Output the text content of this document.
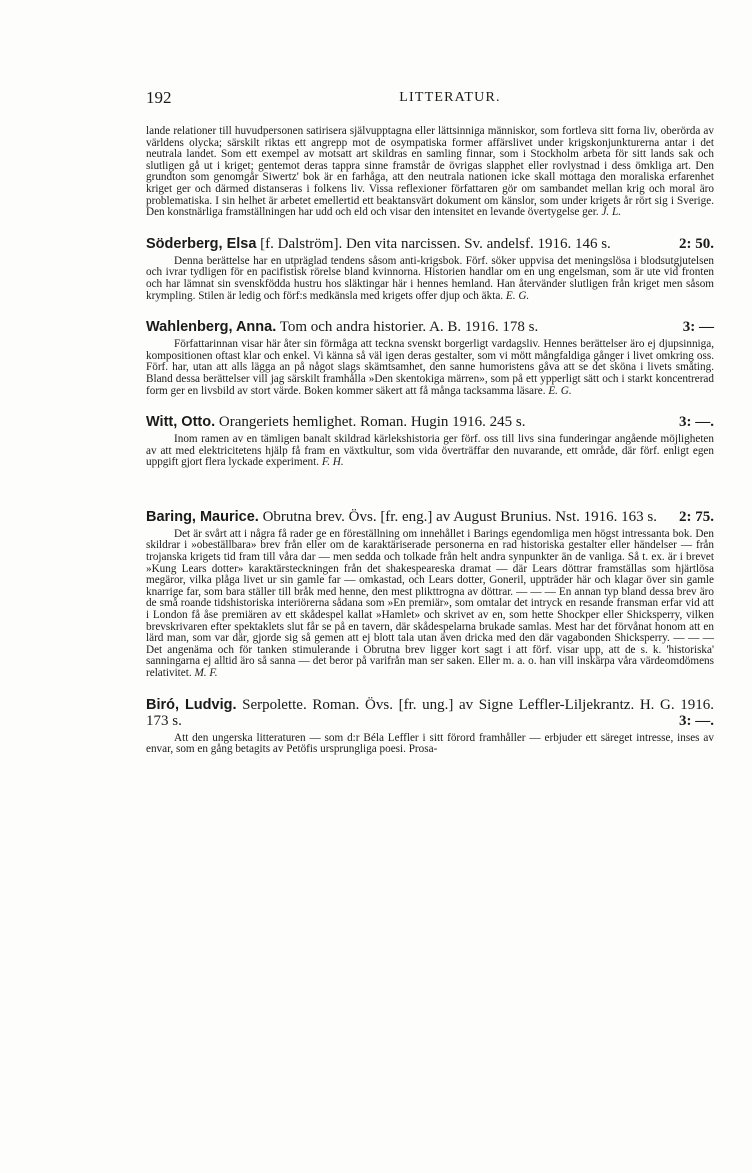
192	LITTERATUR.

lande relationer till huvudpersonen satirisera självupptagna eller lättsinniga människor, som fortleva sitt forna liv, oberörda av världens olycka; särskilt riktas ett angrepp mot de osympatiska former affärslivet under krigskonjunkturerna antar i det neutrala landet. Som ett exempel av motsatt art skildras en samling finnar, som i Stockholm arbeta för sitt lands sak och slutligen gå ut i kriget; gentemot deras tappra sinne framstår de övrigas slapphet eller rovlystnad i dess ömkliga art. Den grundton som genomgår Siwertz' bok är en farhåga, att den neutrala nationen icke skall mottaga den moraliska erfarenhet kriget ger och därmed distanseras i folkens liv. Vissa reflexioner författaren gör om sambandet mellan krig och moral äro problematiska. I sin helhet är arbetet emellertid ett beaktansvärt dokument om känslor, som under krigets år rört sig i Sverige. Den konstnärliga framställningen har udd och eld och visar den intensitet en levande övertygelse ger. J. L.

Söderberg, Elsa [f. Dalström]. Den vita narcissen. Sv. andelsf. 1916. 146 s.	2: 50.

Denna berättelse har en utpräglad tendens såsom anti-krigsbok. Förf. söker uppvisa det meningslösa i blodsutgjutelsen och ivrar tydligen för en pacifistisk rörelse bland kvinnorna. Historien handlar om en ung engelsman, som är ute vid fronten och har lämnat sin svenskfödda hustru hos släktingar här i hennes hemland. Han återvänder slutligen från kriget men såsom krympling. Stilen är ledig och förf:s medkänsla med krigets offer djup och äkta. E. G.

Wahlenberg, Anna. Tom och andra historier. A. B. 1916. 178 s.	3: —

Författarinnan visar här åter sin förmåga att teckna svenskt borgerligt vardagsliv. Hennes berättelser äro ej djupsinniga, kompositionen oftast klar och enkel. Vi känna så väl igen deras gestalter, som vi mött mångfaldiga gånger i livet omkring oss. Förf. har, utan att alls lägga an på något slags skämtsamhet, den sanne humoristens gåva att se det sköna i livets småting. Bland dessa berättelser vill jag särskilt framhålla »Den skentokiga märren», som på ett ypperligt sätt och i starkt koncentrerad form ger en livsbild av stort värde. Boken kommer säkert att få många tacksamma läsare. E. G.

Witt, Otto. Orangeriets hemlighet. Roman. Hugin 1916. 245 s.	3: —.

Inom ramen av en tämligen banalt skildrad kärlekshistoria ger förf. oss till livs sina funderingar angående möjligheten av att med elektricitetens hjälp få fram en växtkultur, som vida överträffar den nuvarande, ett område, där förf. enligt egen uppgift gjort flera lyckade experiment. F. H.

Baring, Maurice. Obrutna brev. Övs. [fr. eng.] av August Brunius. Nst. 1916. 163 s. 2: 75.

Det är svårt att i några få rader ge en föreställning om innehållet i Barings egendomliga men högst intressanta bok. Den skildrar i »obeställbara» brev från eller om de karaktäriserade personerna en rad historiska gestalter eller händelser — från trojanska krigets tid fram till våra dar — men sedda och tolkade från helt andra synpunkter än de vanliga. Så t. ex. är i brevet »Kung Lears dotter» karaktärsteckningen från det shakespeareska dramat — där Lears döttrar framställas som hjärtlösa megäror, vilka plåga livet ur sin gamle far — omkastad, och Lears dotter, Goneril, uppträder här och klagar över sin gamle knarrige far, som bara ställer till bråk med henne, den mest plikttrogna av döttrar. — — — En annan typ bland dessa brev äro de små roande tidshistoriska interiörerna sådana som »En premiär», som omtalar det intryck en resande fransman erfar vid att i London få åse premiären av ett skådespel kallat »Hamlet» och skrivet av en, som hette Shockper eller Shicksperry, vilken brevskrivaren efter spektaklets slut får se på en tavern, där skådespelarna brukade samlas. Mest har det förvånat honom att en lärd man, som var där, gjorde sig så gemen att ej blott tala utan även dricka med den där vagabonden Shicksperry. — — — Det angenäma och för tanken stimulerande i Obrutna brev ligger kort sagt i att förf. visar upp, att de s. k. 'historiska' sanningarna ej alltid äro så sanna — det beror på varifrån man ser saken. Eller m. a. o. han vill inskärpa våra värdeomdömens relativitet. M. F.

Biró, Ludvig. Serpolette. Roman. Övs. [fr. ung.] av Signe Leffler-Liljekrantz. H. G. 1916. 173 s.	3: —.

Att den ungerska litteraturen — som d:r Béla Leffler i sitt förord framhåller — erbjuder ett säreget intresse, inses av envar, som en gång betagits av Petöfis ursprungliga poesi. Prosa-
